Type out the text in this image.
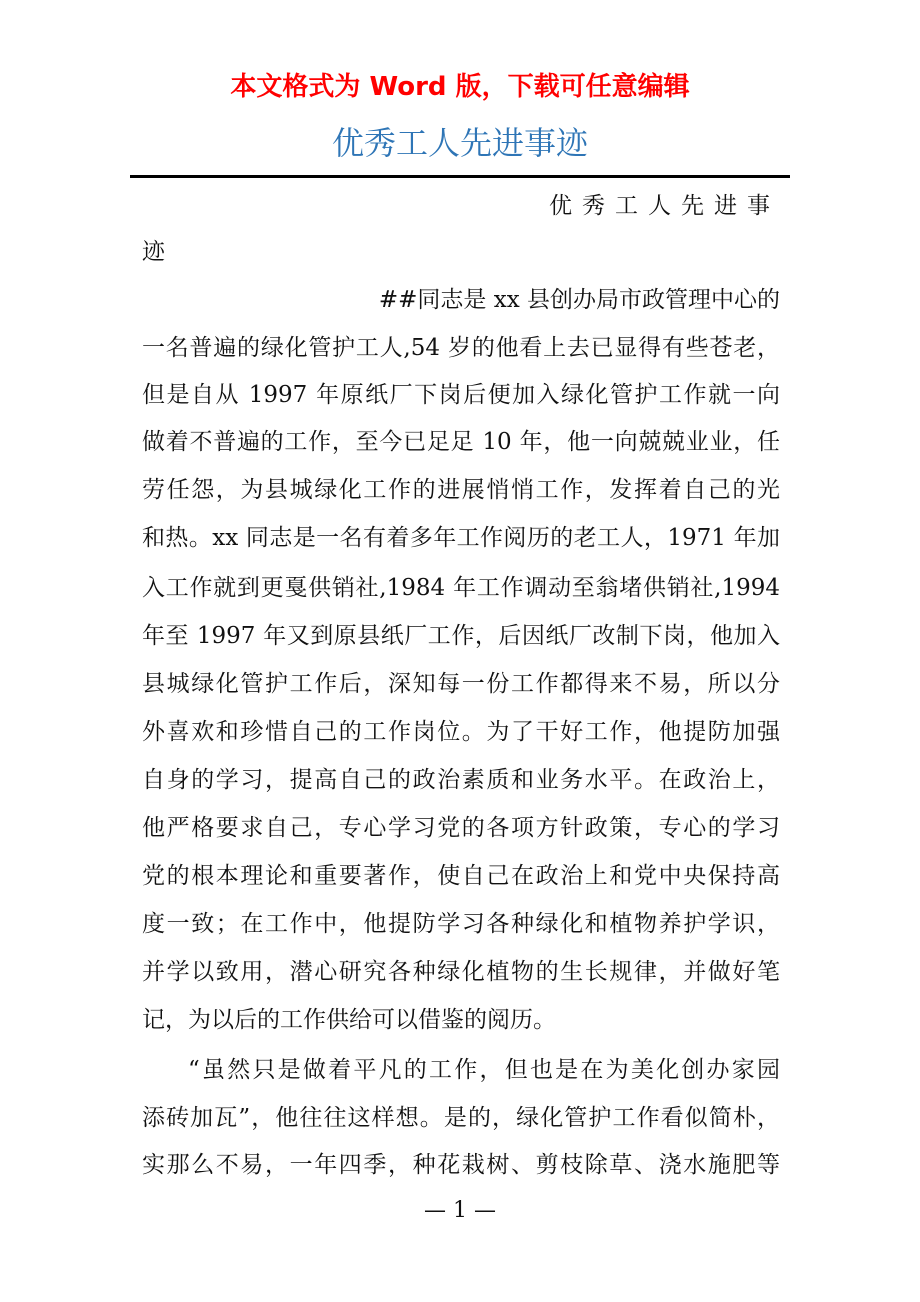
本文格式为 Word 版，下载可任意编辑
优秀工人先进事迹
优秀工人先进事
迹
##同志是 xx 县创办局市政管理中心的
一名普遍的绿化管护工人,54 岁的他看上去已显得有些苍老，
但是自从 1997 年原纸厂下岗后便加入绿化管护工作就一向
做着不普遍的工作，至今已足足 10 年，他一向兢兢业业，任
劳任怨，为县城绿化工作的进展悄悄工作，发挥着自己的光
和热。xx 同志是一名有着多年工作阅历的老工人，1971 年加
入工作就到更戛供销社,1984 年工作调动至翁堵供销社,1994
年至 1997 年又到原县纸厂工作，后因纸厂改制下岗，他加入
县城绿化管护工作后，深知每一份工作都得来不易，所以分
外喜欢和珍惜自己的工作岗位。为了干好工作，他提防加强
自身的学习，提高自己的政治素质和业务水平。在政治上，
他严格要求自己，专心学习党的各项方针政策，专心的学习
党的根本理论和重要著作，使自己在政治上和党中央保持高
度一致；在工作中，他提防学习各种绿化和植物养护学识，
并学以致用，潜心研究各种绿化植物的生长规律，并做好笔
记，为以后的工作供给可以借鉴的阅历。
“虽然只是做着平凡的工作，但也是在为美化创办家园
添砖加瓦”，他往往这样想。是的，绿化管护工作看似简朴，
实那么不易，一年四季，种花栽树、剪枝除草、浇水施肥等
— 1 —
